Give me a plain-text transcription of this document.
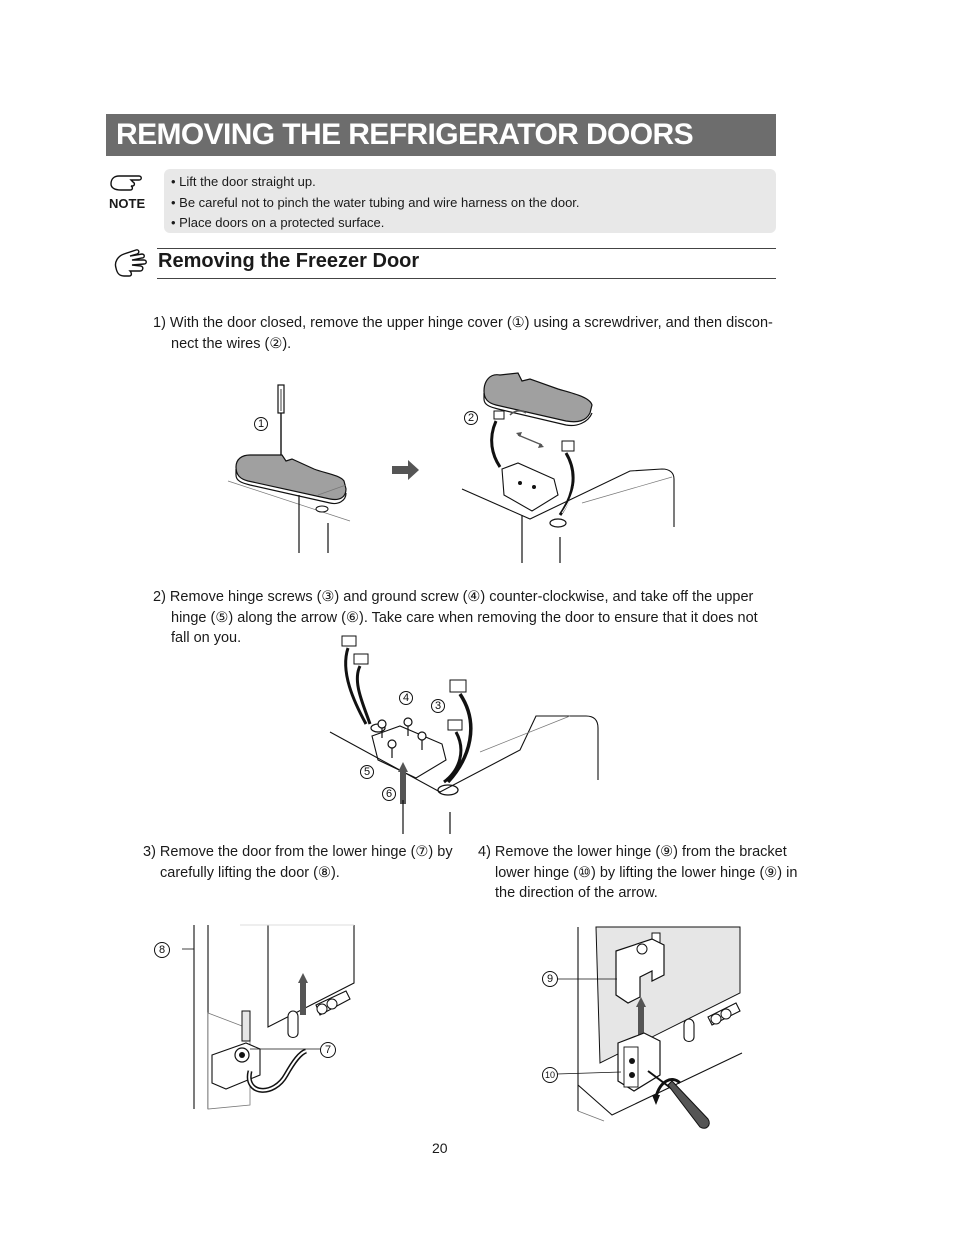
REMOVING THE REFRIGERATOR DOORS
NOTE
• Lift the door straight up.
• Be careful not to pinch the water tubing and wire harness on the door.
• Place doors on a protected surface.
Removing the Freezer Door
1) With the door closed, remove the upper hinge cover (①) using a screwdriver, and then discon-
nect the wires (②).
1	2
2) Remove hinge screws (③) and ground screw (④) counter-clockwise, and take off the upper
hinge (⑤) along the arrow (⑥). Take care when removing the door to ensure that it does not
fall on you.
4
3
5
6
3) Remove the door from the lower hinge (⑦) by
carefully lifting the door (⑧).
4) Remove the lower hinge (⑨) from the bracket
lower hinge (⑩) by lifting the lower hinge (⑨) in
the direction of the arrow.
8
7
9
10
20
